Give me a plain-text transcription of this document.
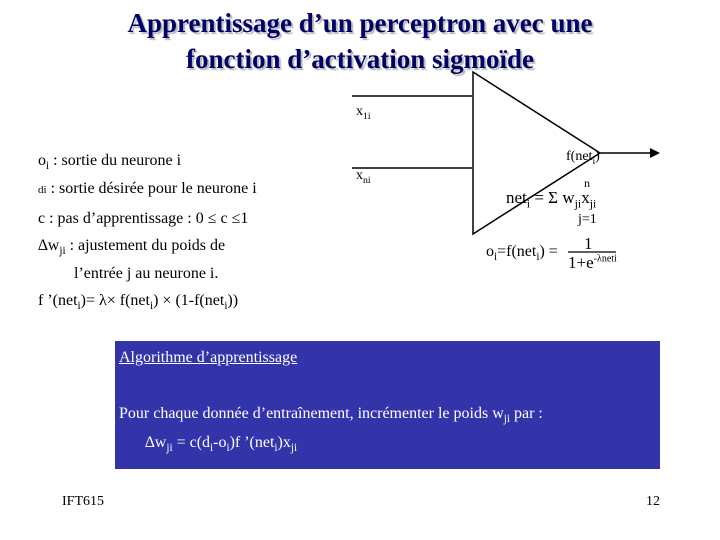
Apprentissage d’un perceptron avec une
fonction d’activation sigmoïde
$x_{1i}$
$x_{ni}$
f(net$_i$)
$o_i$ : sortie du neurone i
di : sortie désirée pour le neurone i
c : pas d’apprentissage : 0 ≤ c ≤1
$\Delta w_{ji}$ : ajustement du poids de
l’entrée j au neurone i.
f ’(net$_i$)= λ× f(net$_i$) × (1-f(net$_i$))
n
net$_i$ = Σ $w_{ji}x_{ji}$
j=1
$o_i=f(net_i) = 1$
$1+e^{-\lambda neti}$
Algorithme d’apprentissage
Pour chaque donnée d’entraînement, incrémenter le poids $w_{ji}$ par :
$\Delta w_{ji} = c(d_i-o_i)f$ $’(net_i)x_{ji}$
IFT615	12
